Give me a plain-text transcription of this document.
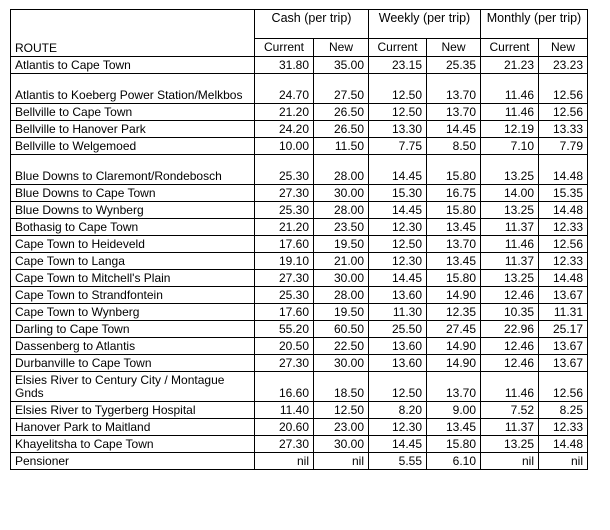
ROUTE	Cash (per trip)		Weekly (per trip)		Monthly (per trip)	
	Current	New	Current	New	Current	New
Atlantis to Cape Town	31.80	35.00	23.15	25.35	21.23	23.23
Atlantis to Koeberg Power Station/Melkbos	24.70	27.50	12.50	13.70	11.46	12.56
Bellville to Cape Town	21.20	26.50	12.50	13.70	11.46	12.56
Bellville to Hanover Park	24.20	26.50	13.30	14.45	12.19	13.33
Bellville to Welgemoed	10.00	11.50	7.75	8.50	7.10	7.79
Blue Downs to Claremont/Rondebosch	25.30	28.00	14.45	15.80	13.25	14.48
Blue Downs to Cape Town	27.30	30.00	15.30	16.75	14.00	15.35
Blue Downs to Wynberg	25.30	28.00	14.45	15.80	13.25	14.48
Bothasig to Cape Town	21.20	23.50	12.30	13.45	11.37	12.33
Cape Town to Heideveld	17.60	19.50	12.50	13.70	11.46	12.56
Cape Town to Langa	19.10	21.00	12.30	13.45	11.37	12.33
Cape Town to Mitchell's Plain	27.30	30.00	14.45	15.80	13.25	14.48
Cape Town to Strandfontein	25.30	28.00	13.60	14.90	12.46	13.67
Cape Town to Wynberg	17.60	19.50	11.30	12.35	10.35	11.31
Darling to Cape Town	55.20	60.50	25.50	27.45	22.96	25.17
Dassenberg to Atlantis	20.50	22.50	13.60	14.90	12.46	13.67
Durbanville to Cape Town	27.30	30.00	13.60	14.90	12.46	13.67
Elsies River to Century City / Montague Gnds	16.60	18.50	12.50	13.70	11.46	12.56
Elsies River to Tygerberg Hospital	11.40	12.50	8.20	9.00	7.52	8.25
Hanover Park to Maitland	20.60	23.00	12.30	13.45	11.37	12.33
Khayelitsha to Cape Town	27.30	30.00	14.45	15.80	13.25	14.48
Pensioner	nil	nil	5.55	6.10	nil	nil
